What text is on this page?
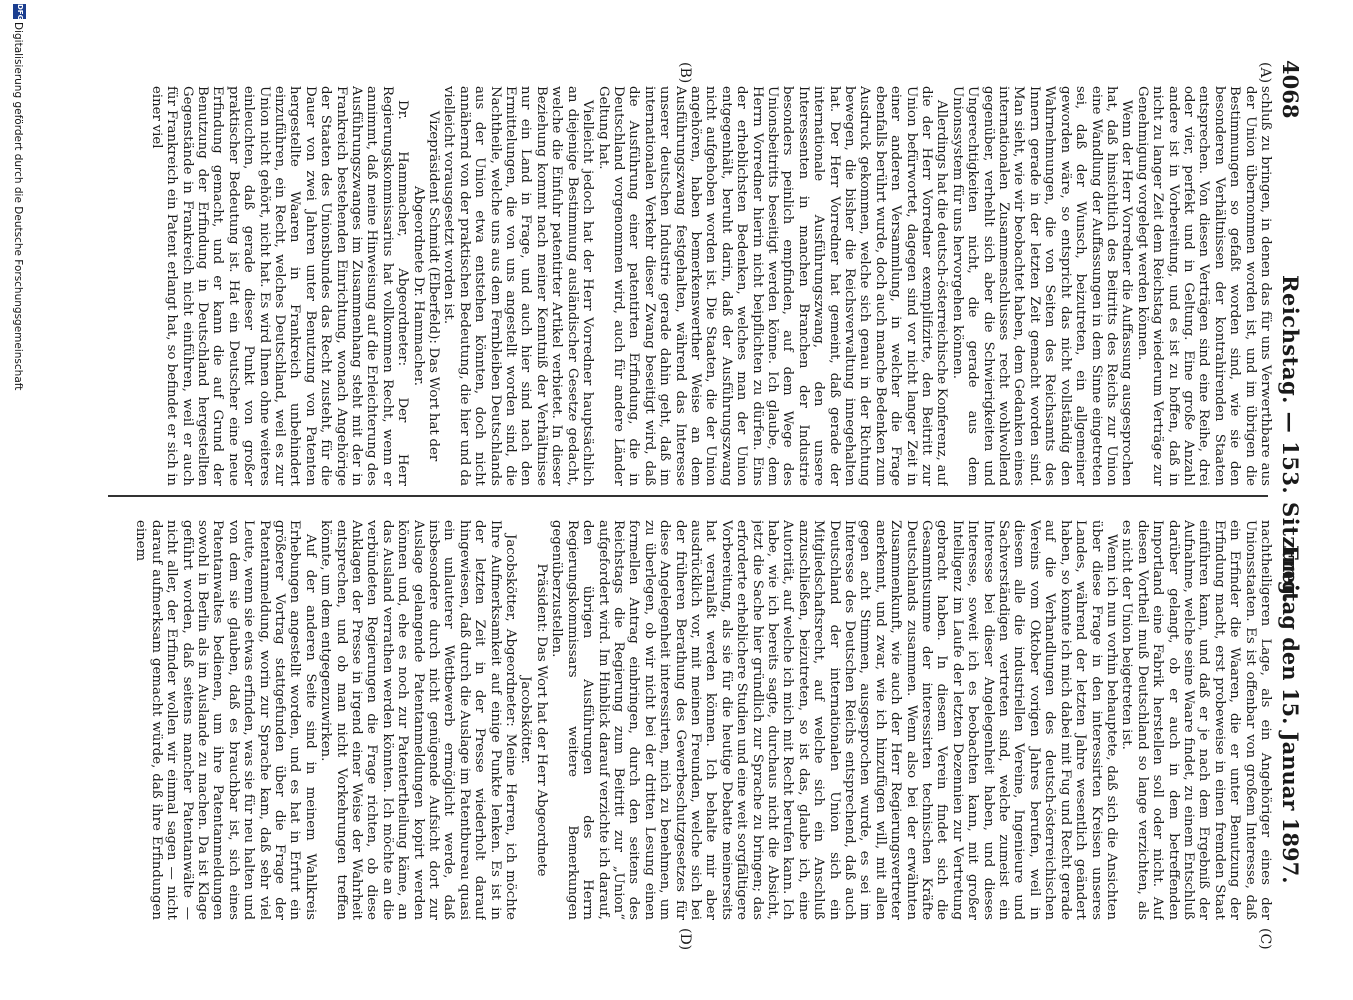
4068
Reichstag. — 153. Sitzung.
Freitag den 15. Januar 1897.
(A)
(B)
(C)
(D)

schluß zu bringen, in denen das für uns Verwerthbare aus der Union übernommen worden ist, und im übrigen die Bestimmungen so gefaßt worden sind, wie sie den besonderen Verhältnissen der kontrahirenden Staaten entsprechen. Von diesen Verträgen sind eine Reihe, drei oder vier, perfekt und in Geltung. Eine große Anzahl andere ist in Vorbereitung, und es ist zu hoffen, daß in nicht zu langer Zeit dem Reichstag wiederum Verträge zur Genehmigung vorgelegt werden können.

Wenn der Herr Vorredner die Auffassung ausgesprochen hat, daß hinsichtlich des Beitritts des Reichs zur Union eine Wandlung der Auffassungen in dem Sinne eingetreten sei, daß der Wunsch, beizutreten, ein allgemeiner geworden wäre, so entspricht das nicht vollständig den Wahrnehmungen, die von Seiten des Reichsamts des Innern gerade in der letzten Zeit gemacht worden sind. Man sieht, wie wir beobachtet haben, dem Gedanken eines internationalen Zusammenschlusses recht wohlwollend gegenüber, verhehlt sich aber die Schwierigkeiten und Ungerechtigkeiten nicht, die gerade aus dem Unionssystem für uns hervorgehen können.

Allerdings hat die deutsch-österreichische Konferenz, auf die der Herr Vorredner exemplifizirte, den Beitritt zur Union befürwortet, dagegen sind vor nicht langer Zeit in einer anderen Versammlung, in welcher die Frage ebenfalls berührt wurde, doch auch manche Bedenken zum Ausdruck gekommen, welche sich genau in der Richtung bewegen, die bisher die Reichsverwaltung innegehalten hat. Der Herr Vorredner hat gemeint, daß gerade der internationale Ausführungszwang, den unsere Interessenten in manchen Branchen der Industrie besonders peinlich empfinden, auf dem Wege des Unionsbeitritts beseitigt werden könne. Ich glaube, dem Herrn Vorredner hierin nicht beipflichten zu dürfen. Eins der erheblichsten Bedenken, welches man der Union entgegenhält, beruht darin, daß der Ausführungszwang nicht aufgehoben worden ist. Die Staaten, die der Union angehören, haben bemerkenswerther Weise an dem Ausführungszwang festgehalten, während das Interesse unserer deutschen Industrie gerade dahin geht, daß im internationalen Verkehr dieser Zwang beseitigt wird, daß die Ausführung einer patentirten Erfindung, die in Deutschland vorgenommen wird, auch für andere Länder Geltung hat.

Vielleicht jedoch hat der Herr Vorredner hauptsächlich an diejenige Bestimmung ausländischer Gesetze gedacht, welche die Einfuhr patentirter Artikel verbietet. In dieser Beziehung kommt nach meiner Kenntniß der Verhältnisse nur ein Land in Frage, und auch hier sind nach den Ermittelungen, die von uns angestellt worden sind, die Nachtheile, welche uns aus dem Fernbleiben Deutschlands aus der Union etwa entstehen könnten, doch nicht annähernd von der praktischen Bedeutung, die hier und da vielleicht vorausgesetzt worden ist.

Vizepräsident Schmidt (Elberfeld): Das Wort hat der Abgeordnete Dr. Hammacher.

Dr. Hammacher, Abgeordneter: Der Herr Regierungskommissarius hat vollkommen Recht, wenn er annimmt, daß meine Hinweisung auf die Erleichterung des Ausführungszwanges im Zusammenhang steht mit der in Frankreich bestehenden Einrichtung, wonach Angehörige der Staaten des Unionsbundes das Recht zusteht, für die Dauer von zwei Jahren unter Benutzung von Patenten hergestellte Waaren in Frankreich unbehindert einzuführen, ein Recht, welches Deutschland, weil es zur Union nicht gehört, nicht hat. Es wird Ihnen ohne weiteres einleuchten, daß gerade dieser Punkt von großer praktischer Bedeutung ist. Hat ein Deutscher eine neue Erfindung gemacht, und er kann die auf Grund der Benutzung der Erfindung in Deutschland hergestellten Gegenstände in Frankreich nicht einführen, weil er auch für Frankreich ein Patent erlangt hat, so befindet er sich in einer viel

nachtheiligeren Lage, als ein Angehöriger eines der Unionsstaaten. Es ist offenbar von großem Interesse, daß ein Erfinder die Waaren, die er unter Benutzung der Erfindung macht, erst probeweise in einen fremden Staat einführen kann, und daß er je nach dem Ergebniß der Aufnahme, welche seine Waare findet, zu einem Entschluß darüber gelangt, ob er auch in dem betreffenden Importland eine Fabrik herstellen soll oder nicht. Auf diesen Vortheil muß Deutschland so lange verzichten, als es nicht der Union beigetreten ist.

Wenn ich nun vorhin behauptete, daß sich die Ansichten über diese Frage in den interessirten Kreisen unseres Landes, während der letzten Jahre wesentlich geändert haben, so konnte ich mich dabei mit Fug und Recht gerade auf die Verhandlungen des deutsch-österreichischen Vereins vom Oktober vorigen Jahres berufen, weil in diesem alle die industriellen Vereine, Ingenieure und Sachverständigen vertreten sind, welche zumeist ein Interesse bei dieser Angelegenheit haben, und dieses Interesse, soweit ich es beobachten kann, mit großer Intelligenz im Laufe der letzten Dezennien zur Vertretung gebracht haben. In diesem Verein findet sich die Gesammtsumme der interessirten technischen Kräfte Deutschlands zusammen. Wenn also bei der erwähnten Zusammenkunft, wie auch der Herr Regierungsvertreter anerkennt, und zwar, wie ich hinzufügen will, mit allen gegen acht Stimmen, ausgesprochen wurde, es sei im Interesse des Deutschen Reichs entsprechend, daß auch Deutschland der internationalen Union sich ein Mitgliedschaftsrecht, auf welche sich ein Anschluß anzuschließen, beizutreten, so ist das, glaube ich, eine Autorität, auf welche ich mich mit Recht berufen kann. Ich habe, wie ich bereits sagte, durchaus nicht die Absicht, jetzt die Sache hier gründlich zur Sprache zu bringen; das erforderte erheblichere Studien und eine weit sorgfältigere Vorbereitung, als sie für die heutige Debatte meinerseits hat veranlaßt werden können. Ich behalte mir aber ausdrücklich vor, mit meinen Freunden, welche sich bei der früheren Berathung des Gewerbeschutzgesetzes für diese Angelegenheit interessirten, mich zu benehmen, um zu überlegen, ob wir nicht bei der dritten Lesung einen formellen Antrag einbringen, durch den seitens des Reichstags die Regierung zum Beitritt zur „Union“ aufgefordert wird. Im Hinblick darauf verzichte ich darauf, den übrigen Ausführungen des Herrn Regierungskommissars weitere Bemerkungen gegenüberzustellen.

Präsident: Das Wort hat der Herr Abgeordnete Jacobskötter.

Jacobskötter, Abgeordneter: Meine Herren, ich möchte Ihre Aufmerksamkeit auf einige Punkte lenken. Es ist in der letzten Zeit in der Presse wiederholt darauf hingewiesen, daß durch die Auslage im Patentbureau quasi ein unlauterer Wettbewerb ermöglicht werde, daß insbesondere durch nicht genügende Aufsicht dort zur Auslage gelangende Patentanmeldungen kopirt werden können und, ehe es noch zur Patentertheilung käme, an das Ausland verrathen werden könnten. Ich möchte an die verbündeten Regierungen die Frage richten, ob diese Anklagen der Presse in irgend einer Weise der Wahrheit entsprechen, und ob man nicht Vorkehrungen treffen könnte, um dem entgegenzuwirken.

Auf der anderen Seite sind in meinem Wahlkreis Erhebungen angestellt worden, und es hat in Erfurt ein größerer Vortrag stattgefunden über die Frage der Patentanmeldung, worin zur Sprache kam, daß sehr viel Leute, wenn sie etwas erfinden, was sie für neu halten und von dem sie glauben, daß es brauchbar ist, sich eines Patentanwaltes bedienen, um ihre Patentanmeldungen sowohl in Berlin als im Auslande zu machen. Da ist Klage geführt worden, daß seitens mancher Patentanwälte — nicht aller, der Erfinder wollen wir einmal sagen — nicht darauf aufmerksam gemacht würde, daß ihre Erfindungen einem

DFG
Digitalisierung gefördert durch die Deutsche Forschungsgemeinschaft
